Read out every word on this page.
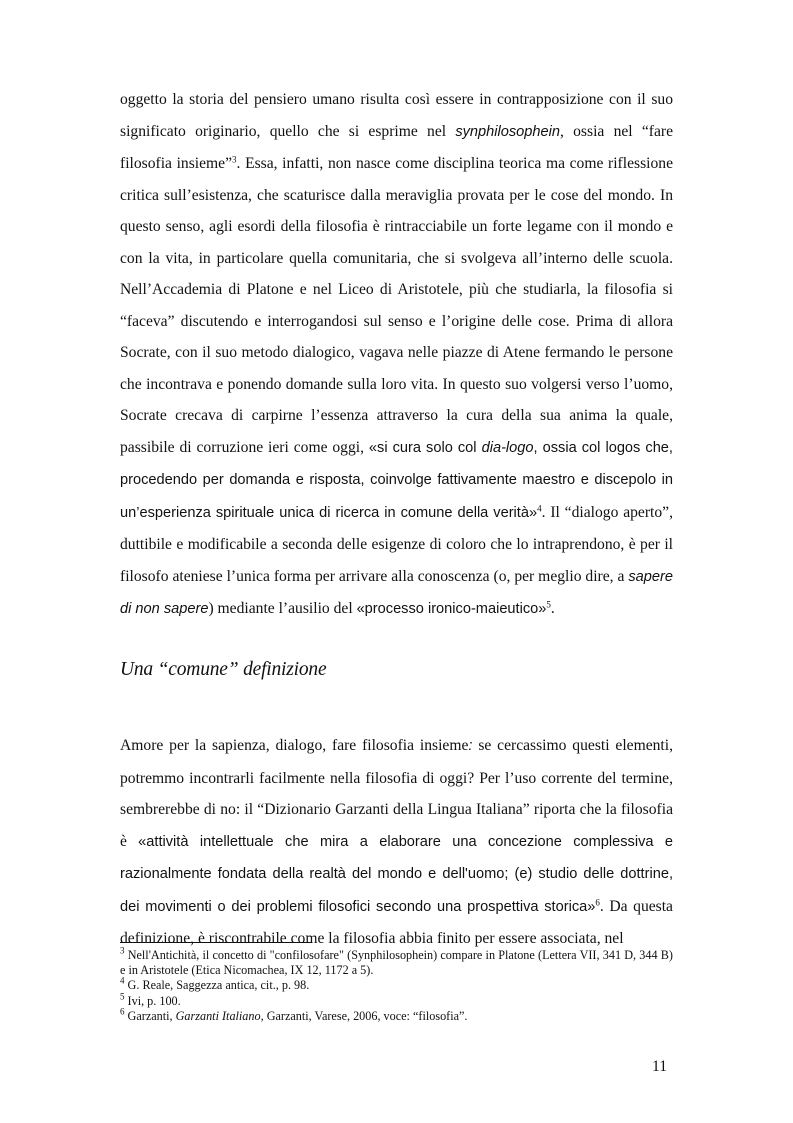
oggetto la storia del pensiero umano risulta così essere in contrapposizione con il suo significato originario, quello che si esprime nel synphilosophein, ossia nel “fare filosofia insieme”$^3$. Essa, infatti, non nasce come disciplina teorica ma come riflessione critica sull’esistenza, che scaturisce dalla meraviglia provata per le cose del mondo. In questo senso, agli esordi della filosofia è rintracciabile un forte legame con il mondo e con la vita, in particolare quella comunitaria, che si svolgeva all’interno delle scuola. Nell’Accademia di Platone e nel Liceo di Aristotele, più che studiarla, la filosofia si “faceva” discutendo e interrogandosi sul senso e l’origine delle cose. Prima di allora Socrate, con il suo metodo dialogico, vagava nelle piazze di Atene fermando le persone che incontrava e ponendo domande sulla loro vita. In questo suo volgersi verso l’uomo, Socrate crecava di carpirne l’essenza attraverso la cura della sua anima la quale, passibile di corruzione ieri come oggi, «si cura solo col dia-logo, ossia col logos che, procedendo per domanda e risposta, coinvolge fattivamente maestro e discepolo in un’esperienza spirituale unica di ricerca in comune della verità»$^4$. Il “dialogo aperto”, duttibile e modificabile a seconda delle esigenze di coloro che lo intraprendono, è per il filosofo ateniese l’unica forma per arrivare alla conoscenza (o, per meglio dire, a sapere di non sapere) mediante l’ausilio del «processo ironico-maieutico»$^5$.

Una “comune” definizione

Amore per la sapienza, dialogo, fare filosofia insieme: se cercassimo questi elementi, potremmo incontrarli facilmente nella filosofia di oggi? Per l’uso corrente del termine, sembrerebbe di no: il “Dizionario Garzanti della Lingua Italiana” riporta che la filosofia è «attività intellettuale che mira a elaborare una concezione complessiva e razionalmente fondata della realtà del mondo e dell'uomo; (e) studio delle dottrine, dei movimenti o dei problemi filosofici secondo una prospettiva storica»$^6$. Da questa definizione, è riscontrabile come la filosofia abbia finito per essere associata, nel

$^3$ Nell'Antichità, il concetto di "confilosofare" (Synphilosophein) compare in Platone (Lettera VII, 341 D, 344 B) e in Aristotele (Etica Nicomachea, IX 12, 1172 a 5).

$^4$ G. Reale, Saggezza antica, cit., p. 98.

$^5$ Ivi, p. 100.

$^6$ Garzanti, Garzanti Italiano, Garzanti, Varese, 2006, voce: “filosofia”.

11
